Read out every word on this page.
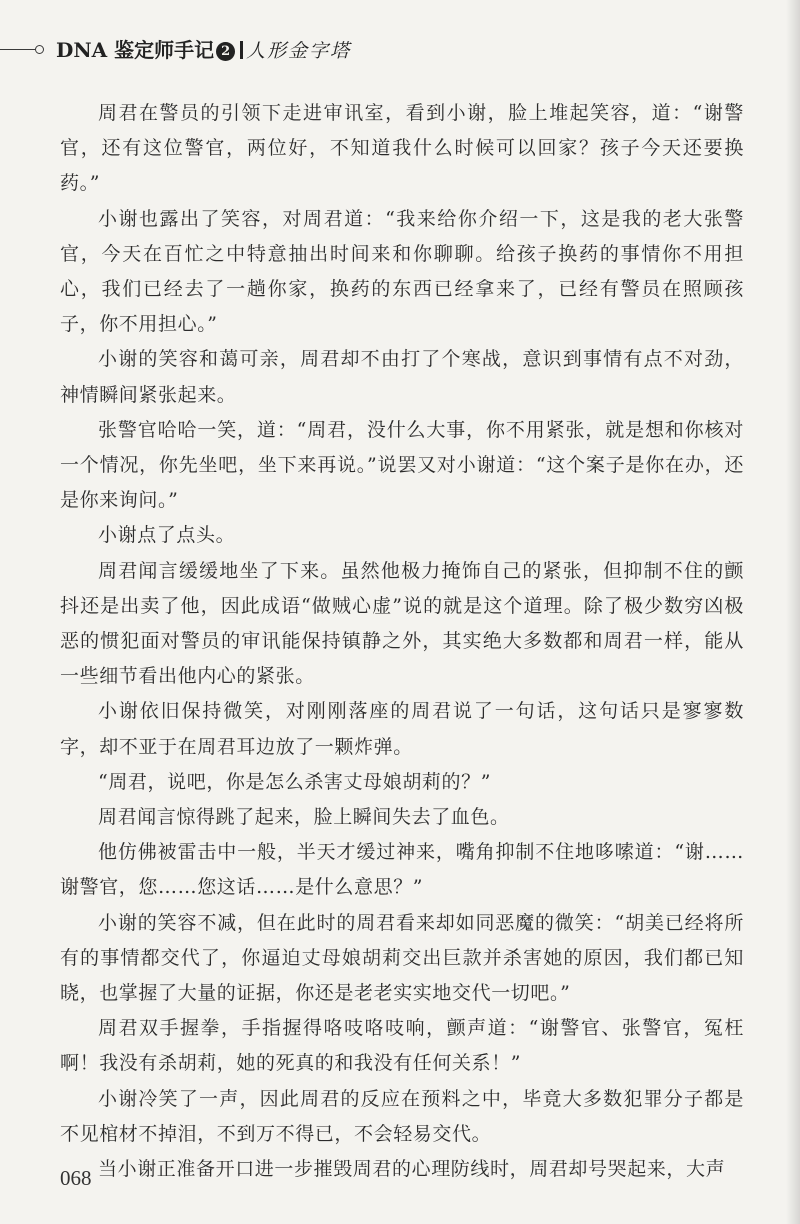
DNA 鉴定师手记 2 人形金字塔

周君在警员的引领下走进审讯室，看到小谢，脸上堆起笑容，道：“谢警官，还有这位警官，两位好，不知道我什么时候可以回家？孩子今天还要换药。”

小谢也露出了笑容，对周君道：“我来给你介绍一下，这是我的老大张警官，今天在百忙之中特意抽出时间来和你聊聊。给孩子换药的事情你不用担心，我们已经去了一趟你家，换药的东西已经拿来了，已经有警员在照顾孩子，你不用担心。”

小谢的笑容和蔼可亲，周君却不由打了个寒战，意识到事情有点不对劲，神情瞬间紧张起来。

张警官哈哈一笑，道：“周君，没什么大事，你不用紧张，就是想和你核对一个情况，你先坐吧，坐下来再说。”说罢又对小谢道：“这个案子是你在办，还是你来询问。”

小谢点了点头。

周君闻言缓缓地坐了下来。虽然他极力掩饰自己的紧张，但抑制不住的颤抖还是出卖了他，因此成语“做贼心虚”说的就是这个道理。除了极少数穷凶极恶的惯犯面对警员的审讯能保持镇静之外，其实绝大多数都和周君一样，能从一些细节看出他内心的紧张。

小谢依旧保持微笑，对刚刚落座的周君说了一句话，这句话只是寥寥数字，却不亚于在周君耳边放了一颗炸弹。

“周君，说吧，你是怎么杀害丈母娘胡莉的？”

周君闻言惊得跳了起来，脸上瞬间失去了血色。

他仿佛被雷击中一般，半天才缓过神来，嘴角抑制不住地哆嗦道：“谢……谢警官，您……您这话……是什么意思？”

小谢的笑容不减，但在此时的周君看来却如同恶魔的微笑：“胡美已经将所有的事情都交代了，你逼迫丈母娘胡莉交出巨款并杀害她的原因，我们都已知晓，也掌握了大量的证据，你还是老老实实地交代一切吧。”

周君双手握拳，手指握得咯吱咯吱响，颤声道：“谢警官、张警官，冤枉啊！我没有杀胡莉，她的死真的和我没有任何关系！”

小谢冷笑了一声，因此周君的反应在预料之中，毕竟大多数犯罪分子都是不见棺材不掉泪，不到万不得已，不会轻易交代。

当小谢正准备开口进一步摧毁周君的心理防线时，周君却号哭起来，大声

068
